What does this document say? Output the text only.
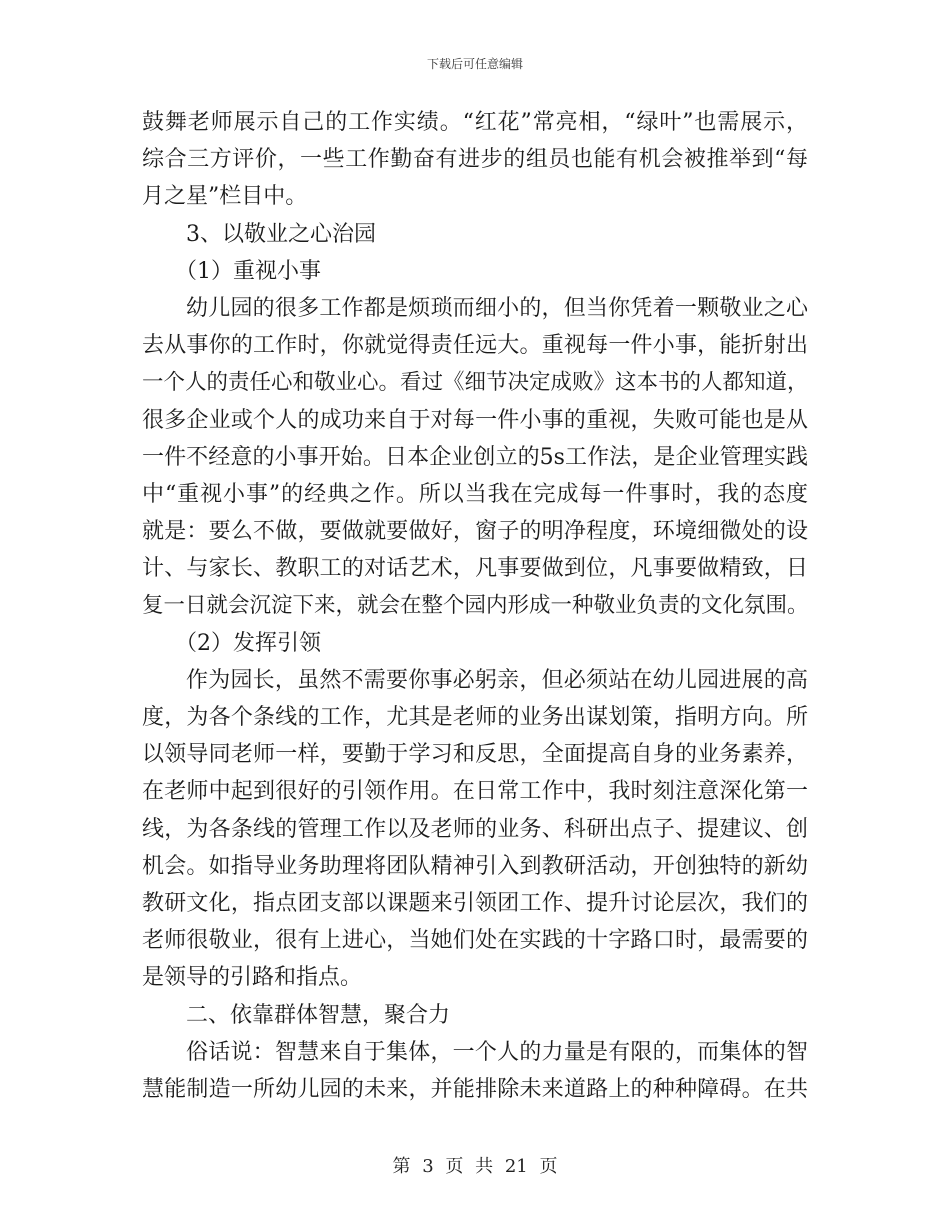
下载后可任意编辑
鼓舞老师展示自己的工作实绩。“红花”常亮相，“绿叶”也需展示，
综合三方评价，一些工作勤奋有进步的组员也能有机会被推举到“每
月之星”栏目中。
3、以敬业之心治园
（1）重视小事
幼儿园的很多工作都是烦琐而细小的，但当你凭着一颗敬业之心
去从事你的工作时，你就觉得责任远大。重视每一件小事，能折射出
一个人的责任心和敬业心。看过《细节决定成败》这本书的人都知道，
很多企业或个人的成功来自于对每一件小事的重视，失败可能也是从
一件不经意的小事开始。日本企业创立的5s工作法，是企业管理实践
中“重视小事”的经典之作。所以当我在完成每一件事时，我的态度
就是：要么不做，要做就要做好，窗子的明净程度，环境细微处的设
计、与家长、教职工的对话艺术，凡事要做到位，凡事要做精致，日
复一日就会沉淀下来，就会在整个园内形成一种敬业负责的文化氛围。
（2）发挥引领
作为园长，虽然不需要你事必躬亲，但必须站在幼儿园进展的高
度，为各个条线的工作，尤其是老师的业务出谋划策，指明方向。所
以领导同老师一样，要勤于学习和反思，全面提高自身的业务素养，
在老师中起到很好的引领作用。在日常工作中，我时刻注意深化第一
线，为各条线的管理工作以及老师的业务、科研出点子、提建议、创
机会。如指导业务助理将团队精神引入到教研活动，开创独特的新幼
教研文化，指点团支部以课题来引领团工作、提升讨论层次，我们的
老师很敬业，很有上进心，当她们处在实践的十字路口时，最需要的
是领导的引路和指点。
二、依靠群体智慧，聚合力
俗话说：智慧来自于集体，一个人的力量是有限的，而集体的智
慧能制造一所幼儿园的未来，并能排除未来道路上的种种障碍。在共
第 3 页 共 21 页
